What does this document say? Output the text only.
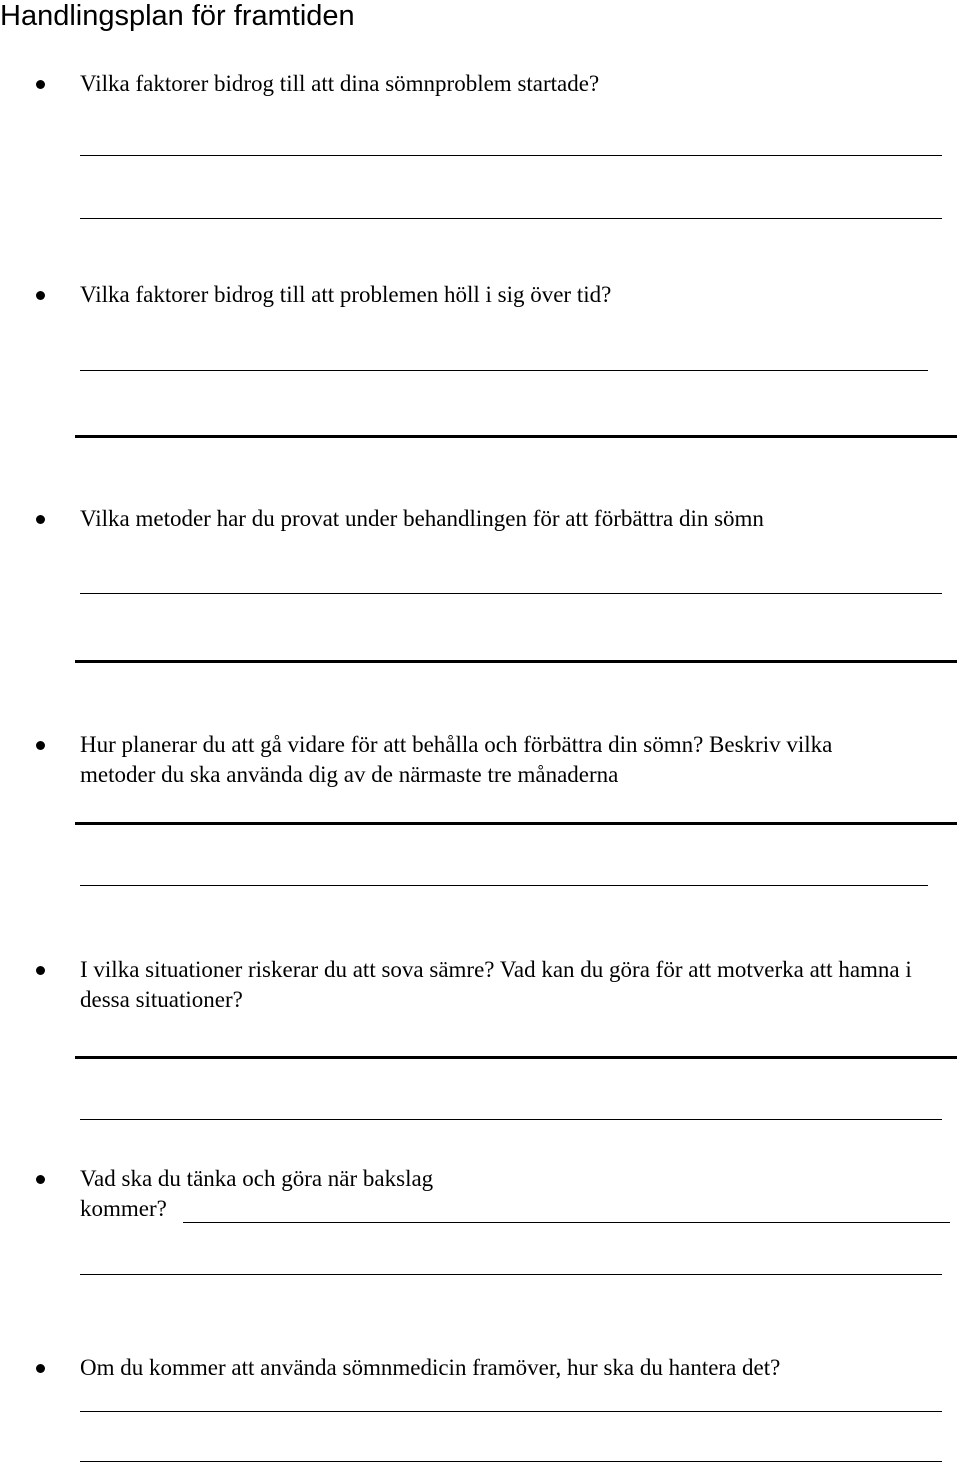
Handlingsplan för framtiden
Vilka faktorer bidrog till att dina sömnproblem startade?
Vilka faktorer bidrog till att problemen höll i sig över tid?
Vilka metoder har du provat under behandlingen för att förbättra din sömn
Hur planerar du att gå vidare för att behålla och förbättra din sömn? Beskriv vilka metoder du ska använda dig av de närmaste tre månaderna
I vilka situationer riskerar du att sova sämre? Vad kan du göra för att motverka att hamna i dessa situationer?
Vad ska du tänka och göra när bakslag kommer?
Om du kommer att använda sömnmedicin framöver, hur ska du hantera det?
